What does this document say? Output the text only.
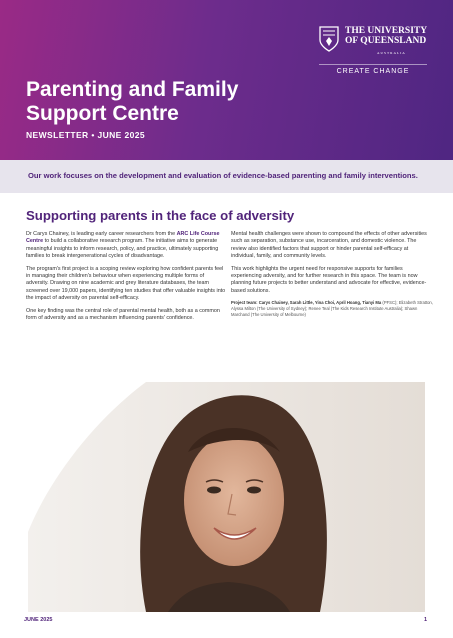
Parenting and Family
Support Centre
NEWSLETTER • JUNE 2025
THE UNIVERSITY
OF QUEENSLAND
AUSTRALIA
CREATE CHANGE
Our work focuses on the development and evaluation of evidence-based parenting and family interventions.
Supporting parents in the face of adversity

Dr Carys Chainey, is leading early career researchers from the ARC Life Course Centre to build a collaborative research program. The initiative aims to generate meaningful insights to inform research, policy, and practice, ultimately supporting families to break intergenerational cycles of disadvantage.

The program's first project is a scoping review exploring how confident parents feel in managing their children's behaviour when experiencing multiple forms of adversity. Drawing on nine academic and grey literature databases, the team screened over 19,000 papers, identifying ten studies that offer valuable insights into the impact of adversity on parental self-efficacy.

One key finding was the central role of parental mental health, both as a common form of adversity and as a mechanism influencing parents' confidence.

Mental health challenges were shown to compound the effects of other adversities such as separation, substance use, incarceration, and domestic violence. The review also identified factors that support or hinder parental self-efficacy at individual, family, and community levels.

This work highlights the urgent need for responsive supports for families experiencing adversity, and for further research in this space. The team is now planning future projects to better understand and advocate for effective, evidence-based solutions.

Project team: Carys Chainey, Sarah Little, Yina Choi, April Hoang, Tianyi Ma (PFSC); Elizabeth Stratton, Alyssa Milton (The University of Sydney); Renee Teal (The Kids Research Institute Australia); Shawn Marchand (The University of Melbourne)

JUNE 2025	1
